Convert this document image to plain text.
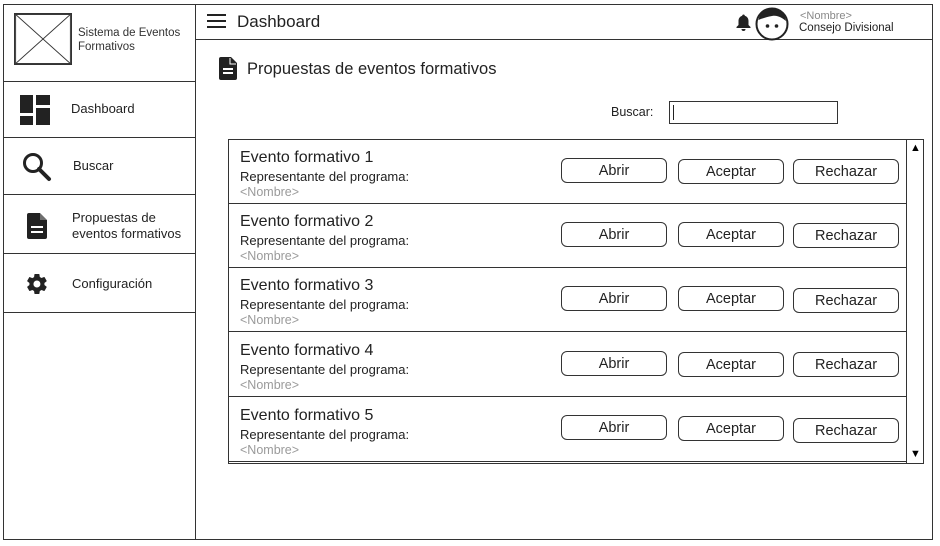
Sistema de Eventos Formativos
Dashboard
Buscar
Propuestas de eventos formativos
Configuración
Dashboard	<Nombre>
Consejo Divisional
Propuestas de eventos formativos
Buscar:
Evento formativo 1
Representante del programa:
<Nombre>
Abrir	Aceptar	Rechazar
Evento formativo 2
Representante del programa:
<Nombre>
Abrir	Aceptar	Rechazar
Evento formativo 3
Representante del programa:
<Nombre>
Abrir	Aceptar	Rechazar
Evento formativo 4
Representante del programa:
<Nombre>
Abrir	Aceptar	Rechazar
Evento formativo 5
Representante del programa:
<Nombre>
Abrir	Aceptar	Rechazar
▲
▼
